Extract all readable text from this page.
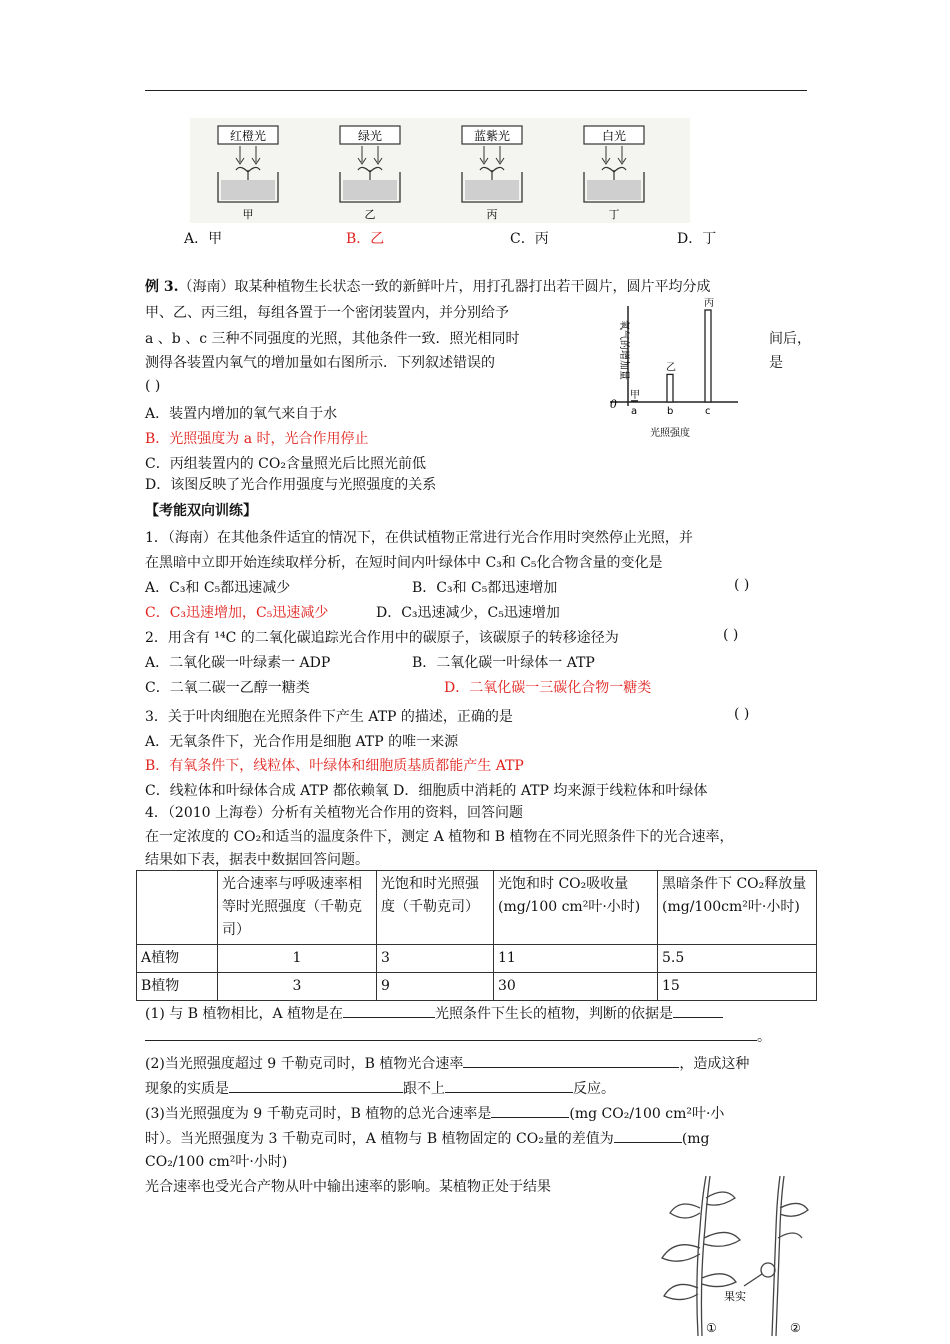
红橙光
甲
绿光
乙
蓝紫光
丙
白光
丁
A．甲	B．乙	C．丙	D．丁
例 3.（海南）取某种植物生长状态一致的新鲜叶片，用打孔器打出若干圆片，圆片平均分成
甲、乙、丙三组，每组各置于一个密闭装置内，并分别给予
a 、b 、c 三种不同强度的光照，其他条件一致．照光相同时	间后，
测得各装置内氧气的增加量如右图所示．下列叙述错误的	是
( )
A．装置内增加的氧气来自于水
B．光照强度为 a 时，光合作用停止
C．丙组装置内的 CO₂含量照光后比照光前低
D．该图反映了光合作用强度与光照强度的关系
0
氧气的增加量
光照强度
甲
a
乙
b
丙
c
【考能双向训练】
1．（海南）在其他条件适宜的情况下，在供试植物正常进行光合作用时突然停止光照，并
在黑暗中立即开始连续取样分析，在短时间内叶绿体中 C₃和 C₅化合物含量的变化是
A．C₃和 C₅都迅速减少	B．C₃和 C₅都迅速增加	( )
C．C₃迅速增加，C₅迅速减少	D．C₃迅速减少，C₅迅速增加
2．用含有 ¹⁴C 的二氧化碳追踪光合作用中的碳原子，该碳原子的转移途径为	( )
A．二氧化碳一叶绿素一 ADP	B．二氧化碳一叶绿体一 ATP
C．二氧二碳一乙醇一糖类	D．二氧化碳一三碳化合物一糖类
3．关于叶肉细胞在光照条件下产生 ATP 的描述，正确的是	( )
A．无氧条件下，光合作用是细胞 ATP 的唯一来源
B．有氧条件下，线粒体、叶绿体和细胞质基质都能产生 ATP
C．线粒体和叶绿体合成 ATP 都依赖氧 D．细胞质中消耗的 ATP 均来源于线粒体和叶绿体
4．（2010 上海卷）分析有关植物光合作用的资料，回答问题
在一定浓度的 CO₂和适当的温度条件下，测定 A 植物和 B 植物在不同光照条件下的光合速率，
结果如下表，据表中数据回答问题。
	光合速率与呼吸速率相等时光照强度（千勒克司）	光饱和时光照强度（千勒克司）	光饱和时 CO₂吸收量(mg/100 cm²叶·小时)	黑暗条件下 CO₂释放量 (mg/100cm²叶·小时)
A植物	1	3	11	5.5
B植物	3	9	30	15
(1) 与 B 植物相比，A 植物是在	光照条件下生长的植物，判断的依据是
。
(2)当光照强度超过 9 千勒克司时，B 植物光合速率	，造成这种
现象的实质是	跟不上	反应。
(3)当光照强度为 9 千勒克司时，B 植物的总光合速率是	(mg CO₂/100 cm²叶·小
时）。当光照强度为 3 千勒克司时，A 植物与 B 植物固定的 CO₂量的差值为	(mg
CO₂/100 cm²叶·小时)
光合速率也受光合产物从叶中输出速率的影响。某植物正处于结果
果实
①	②
